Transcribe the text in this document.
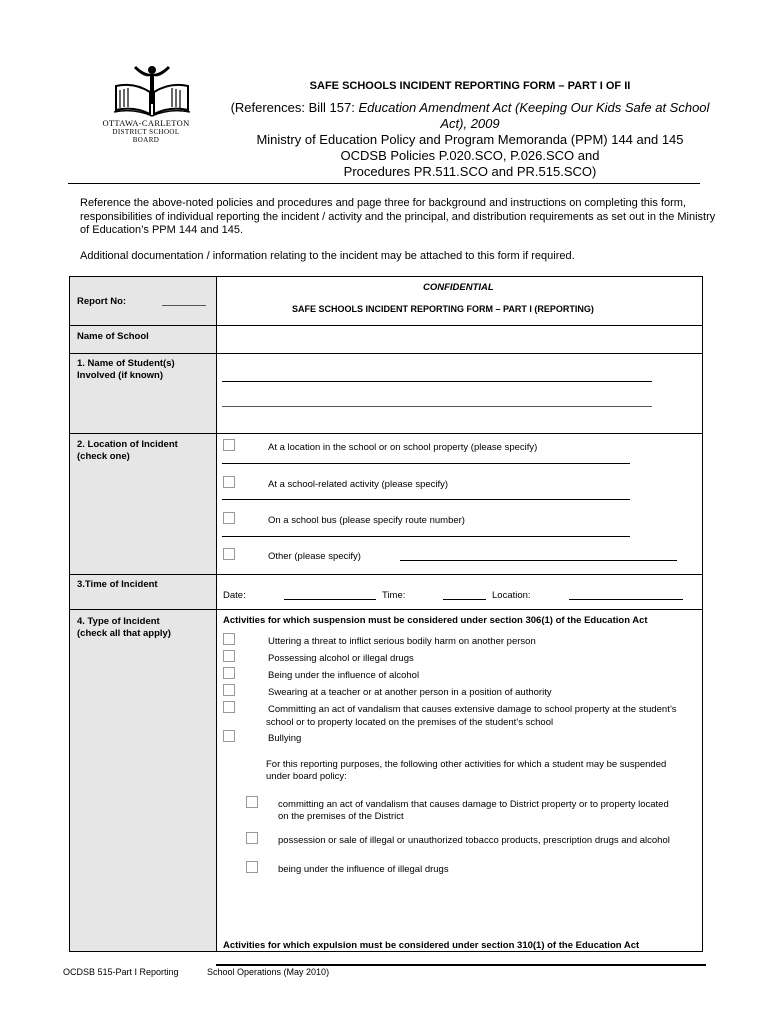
OTTAWA-CARLETON
DISTRICT SCHOOL BOARD
SAFE SCHOOLS INCIDENT REPORTING FORM – PART I OF II
(References: Bill 157: Education Amendment Act (Keeping Our Kids Safe at School Act), 2009
Ministry of Education Policy and Program Memoranda (PPM) 144 and 145
OCDSB Policies P.020.SCO, P.026.SCO and
Procedures PR.511.SCO and PR.515.SCO)
Reference the above-noted policies and procedures and page three for background and instructions on completing this form, responsibilities of individual reporting the incident / activity and the principal, and distribution requirements as set out in the Ministry of Education’s PPM 144 and 145.
Additional documentation / information relating to the incident may be attached to this form if required.
CONFIDENTIAL
SAFE SCHOOLS INCIDENT REPORTING FORM – PART I (REPORTING)
Report No:
Name of School
1. Name of Student(s)
Involved (if known)
2. Location of Incident
(check one)
At a location in the school or on school property (please specify)
At a school-related activity (please specify)
On a school bus (please specify route number)
Other (please specify)
3.Time of Incident
Date:	Time:	Location:
4. Type of Incident
(check all that apply)
Activities for which suspension must be considered under section 306(1) of the Education Act
Uttering a threat to inflict serious bodily harm on another person
Possessing alcohol or illegal drugs
Being under the influence of alcohol
Swearing at a teacher or at another person in a position of authority
Committing an act of vandalism that causes extensive damage to school property at the student’s
school or to property located on the premises of the student’s school
Bullying
For this reporting purposes, the following other activities for which a student may be suspended
under board policy:
committing an act of vandalism that causes damage to District property or to property located
on the premises of the District
possession or sale of illegal or unauthorized tobacco products, prescription drugs and alcohol
being under the influence of illegal drugs
Activities for which expulsion must be considered under section 310(1) of the Education Act
OCDSB 515-Part I Reporting	School Operations (May 2010)
